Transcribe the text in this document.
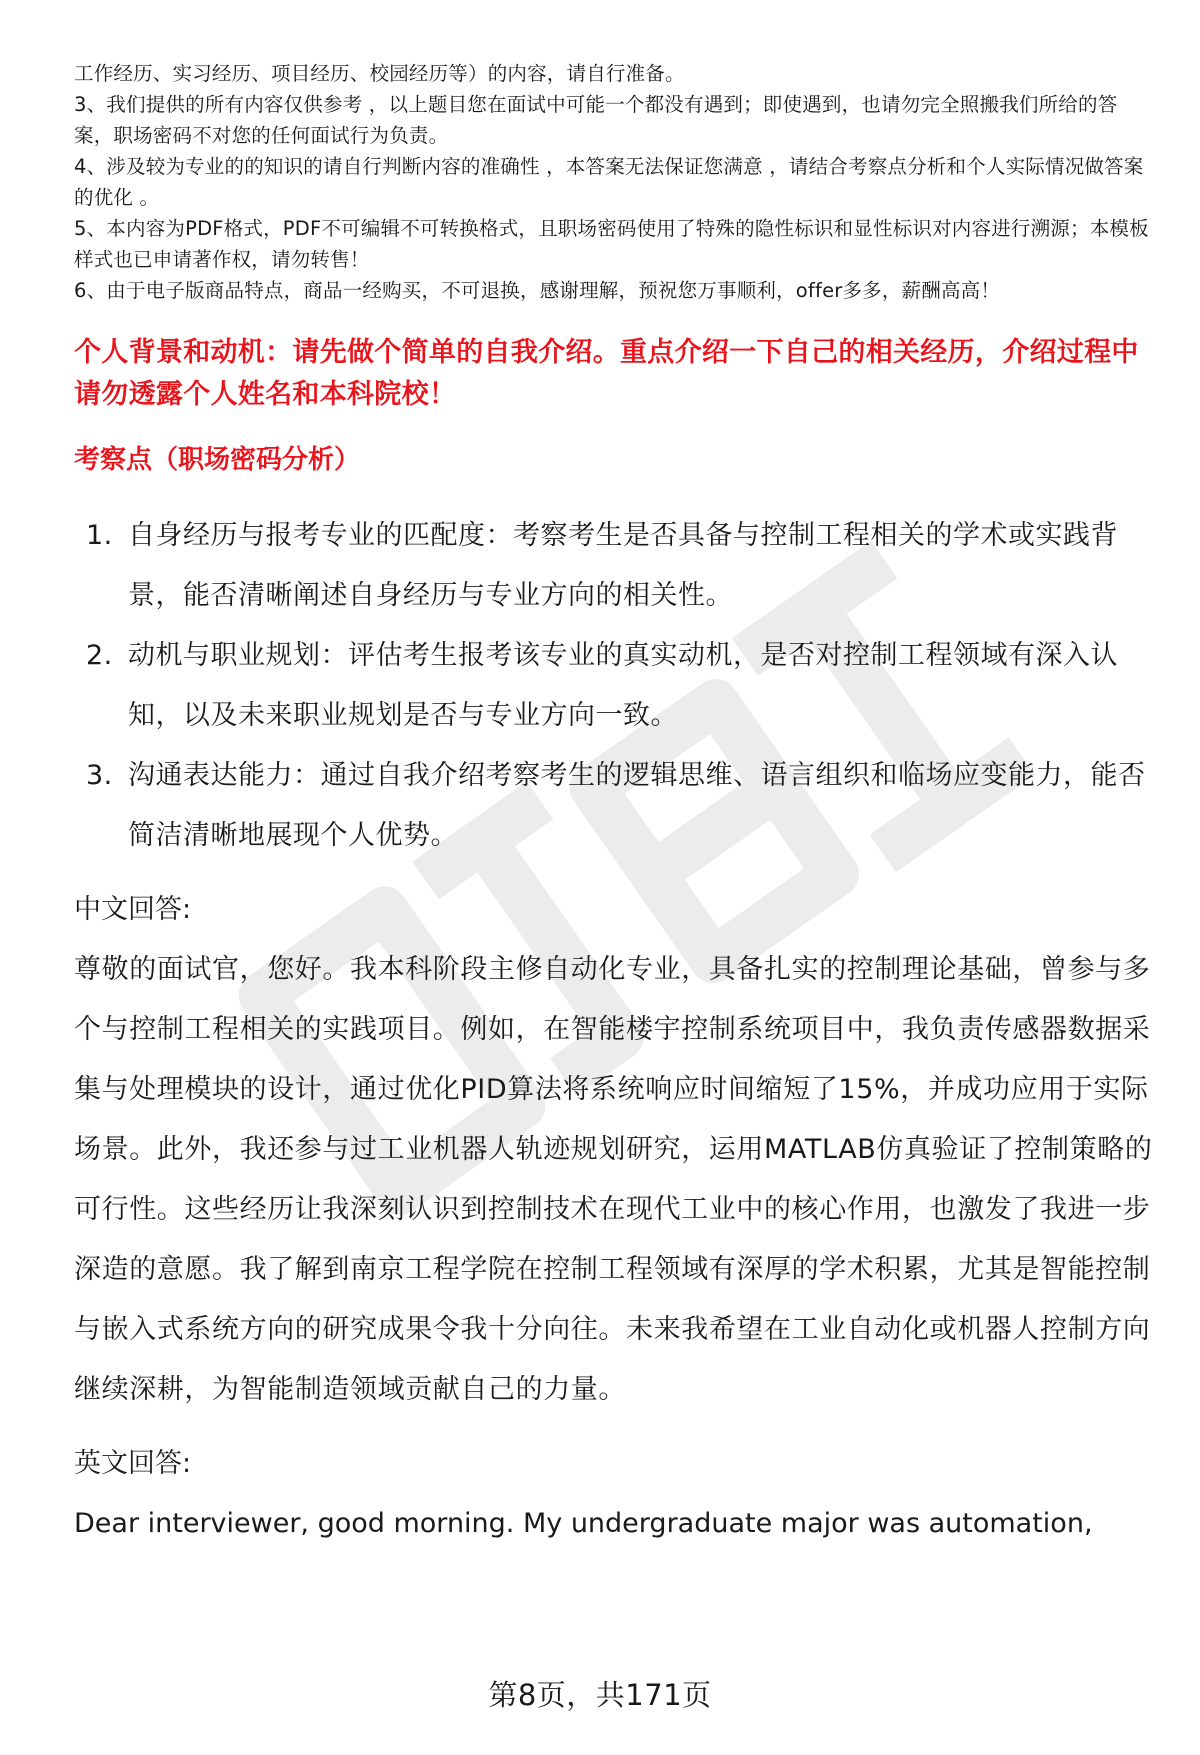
工作经历、实习经历、项目经历、校园经历等）的内容，请自行准备。

3、我们提供的所有内容仅供参考 ，以上题目您在面试中可能一个都没有遇到；即使遇到，也请勿完全照搬我们所给的答案，职场密码不对您的任何面试行为负责。

4、涉及较为专业的的知识的请自行判断内容的准确性 ，本答案无法保证您满意 ，请结合考察点分析和个人实际情况做答案的优化 。

5、本内容为PDF格式，PDF不可编辑不可转换格式，且职场密码使用了特殊的隐性标识和显性标识对内容进行溯源；本模板样式也已申请著作权，请勿转售！

6、由于电子版商品特点，商品一经购买，不可退换，感谢理解，预祝您万事顺利，offer多多，薪酬高高！

个人背景和动机：请先做个简单的自我介绍。重点介绍一下自己的相关经历，介绍过程中请勿透露个人姓名和本科院校！
考察点（职场密码分析）
1. 自身经历与报考专业的匹配度：考察考生是否具备与控制工程相关的学术或实践背景，能否清晰阐述自身经历与专业方向的相关性。
2. 动机与职业规划：评估考生报考该专业的真实动机，是否对控制工程领域有深入认知，以及未来职业规划是否与专业方向一致。
3. 沟通表达能力：通过自我介绍考察考生的逻辑思维、语言组织和临场应变能力，能否简洁清晰地展现个人优势。
中文回答:

尊敬的面试官，您好。我本科阶段主修自动化专业，具备扎实的控制理论基础，曾参与多个与控制工程相关的实践项目。例如，在智能楼宇控制系统项目中，我负责传感器数据采集与处理模块的设计，通过优化PID算法将系统响应时间缩短了15%，并成功应用于实际场景。此外，我还参与过工业机器人轨迹规划研究，运用MATLAB仿真验证了控制策略的可行性。这些经历让我深刻认识到控制技术在现代工业中的核心作用，也激发了我进一步深造的意愿。我了解到南京工程学院在控制工程领域有深厚的学术积累，尤其是智能控制与嵌入式系统方向的研究成果令我十分向往。未来我希望在工业自动化或机器人控制方向继续深耕，为智能制造领域贡献自己的力量。

英文回答:

Dear interviewer, good morning. My undergraduate major was automation,

第8页，共171页
